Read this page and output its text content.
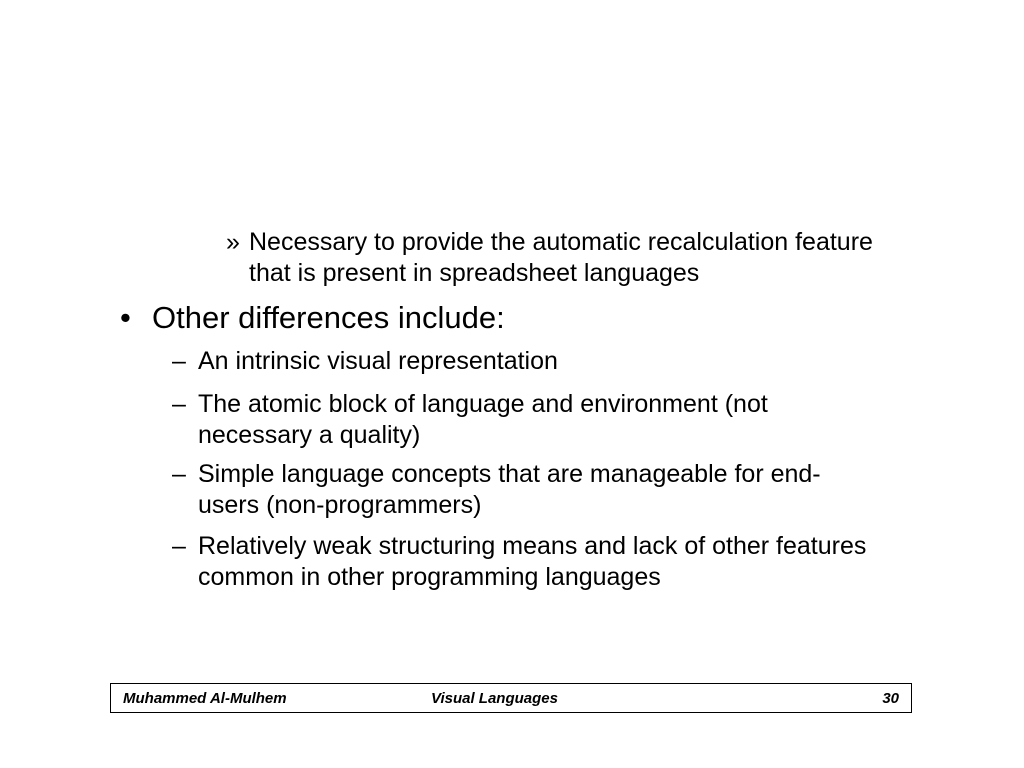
» Necessary to provide the automatic recalculation feature that is present in spreadsheet languages
• Other differences include:
– An intrinsic visual representation
– The atomic block of language and environment (not necessary a quality)
– Simple language concepts that are manageable for end-users (non-programmers)
– Relatively weak structuring means and lack of other features common in other programming languages
Muhammed Al-Mulhem	Visual Languages	30
